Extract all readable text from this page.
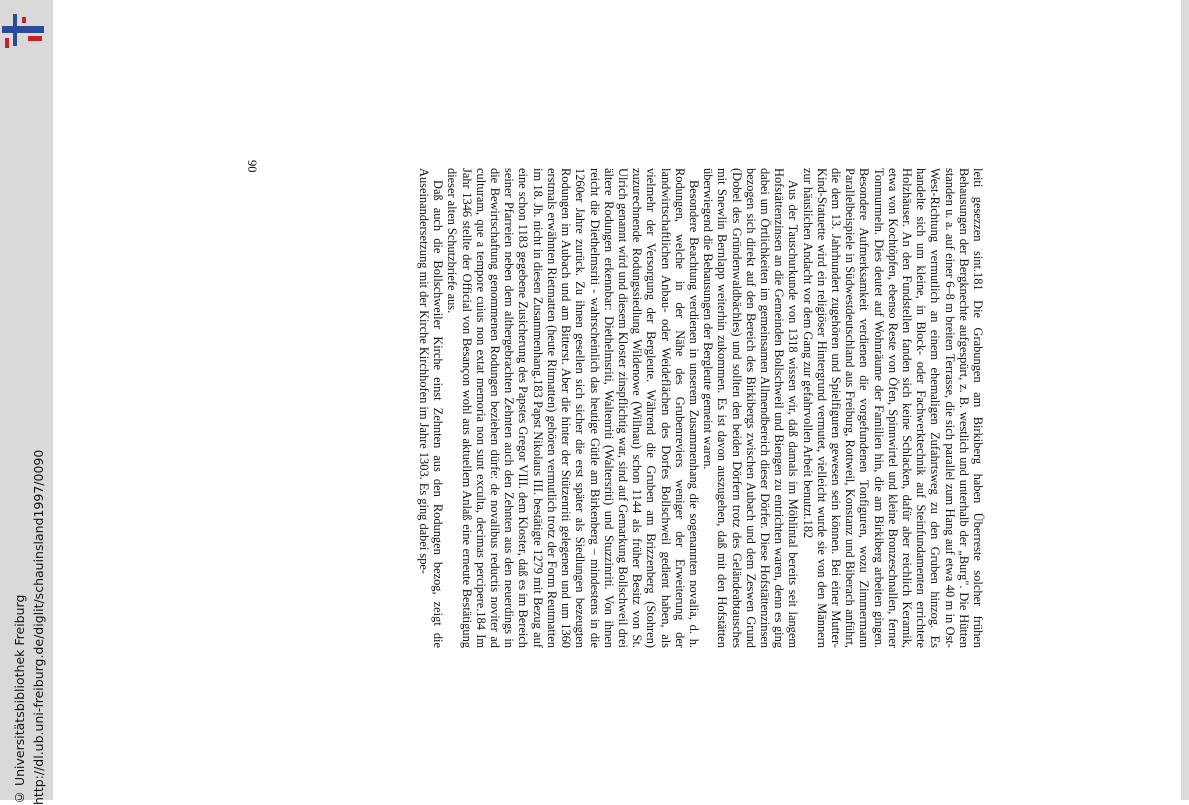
http://dl.ub.uni-freiburg.de/diglit/schauinsland1997/0090
© Universitätsbibliothek Freiburg

leiti gesezzen sint.181 Die Grabungen am Birkiberg haben Überreste solcher frühen Behausungen der Bergknechte aufgespürt, z. B. westlich und unterhalb der „Burg". Die Hütten standen u. a. auf einer 6–8 m breiten Terrasse, die sich parallel zum Hang auf etwa 40 m in Ost-West-Richtung vermutlich an einem ehemaligen Zufahrtsweg zu den Gruben hinzog. Es handelte sich um kleine, in Block- oder Fachwerktechnik auf Steinfundamenten errichtete Holzhäuser. An den Fundstellen fanden sich keine Schlacken, dafür aber reichlich Keramik, etwa von Kochtöpfen, ebenso Reste von Öfen, Spinnwirtel und kleine Bronzeschnallen, ferner Tonmurmeln. Dies deutet auf Wohnräume der Familien hin, die am Birkiberg arbeiten gingen. Besondere Aufmerksamkeit verdienen die vorgefundenen Tonfiguren, wozu Zimmermann Parallelbeispiele in Südwestdeutschland aus Freiburg, Rottweil, Konstanz und Biberach anführt, die dem 13. Jahrhundert zugehören und Spielfiguren gewesen sein können. Bei einer Mutter-Kind-Statuette wird ein religiöser Hintergrund vermutet, vielleicht wurde sie von den Männern zur häuslichen Andacht vor dem Gang zur gefahrvollen Arbeit benutzt.182

Aus der Tauschurkunde von 1318 wissen wir, daß damals im Möhlintal bereits seit langem Hofstättenzinsen an die Gemeinden Bollschweil und Biengen zu entrichten waren, denn es ging dabei um Örtlichkeiten im gemeinsamen Allmendbereich dieser Dörfer. Diese Hofstättenzinsen bezogen sich direkt auf den Bereich des Birkibergs zwischen Aubach und dem Zeswen Grund (Dobel des Gründenwaldbächles) und sollten den beiden Dörfern trotz des Geländeabtausches mit Snewlin Bernlapp weiterhin zukommen. Es ist davon auszugehen, daß mit den Hofstätten überwiegend die Behausungen der Bergleute gemeint waren.

Besondere Beachtung verdienen in unserem Zusammenhang die sogenannten novalia, d. h. Rodungen, welche in der Nähe des Grubenreviers weniger der Erweiterung der landwirtschaftlichen Anbau- oder Weideflächen des Dorfes Bollschweil gedient haben, als vielmehr der Versorgung der Bergleute. Während die Gruben am Brizzenberg (Stohren) zuzurechnende Rodungssiedlung Wildenowe (Willnau) schon 1144 als früher Besitz von St. Ulrich genannt wird und diesem Kloster zinspflichtig war, sind auf Gemarkung Bollschweil drei ältere Rodungen erkennbar: Diethelmsriti, Waltenriti (Waltersriti) und Stuzzinriti. Von ihnen reicht die Diethelmsriti - wahrscheinlich das heutige Gütle am Birkenberg – mindestens in die 1260er Jahre zurück. Zu ihnen gesellen sich sicher die erst später als Siedlungen bezeugten Rodungen im Aubach und am Bitterst. Aber die hinter der Stützenriti gelegenen und um 1360 erstmals erwähnten Rietmatten (heute Ritmatten) gehören vermutlich trotz der Form Reutmatten im 18. Jh. nicht in diesen Zusammenhang.183 Papst Nikolaus III. bestätigte 1279 mit Bezug auf eine schon 1183 gegebene Zusicherung des Papstes Gregor VIII. dem Kloster, daß es im Bereich seiner Pfarreien neben dem althergebrachten Zehnten auch den Zehnten aus den neuerdings in die Bewirtschaftung genommenen Rodungen beziehen dürfe: de novalibus reductis noviter ad culturam, que a tempore cuius non extat memoria non sunt exculta, decimas percipere.184 Im Jahr 1346 stellte der Official von Besançon wohl aus aktuellem Anlaß eine erneute Bestätigung dieser alten Schutzbriefe aus.

Daß auch die Bollschweiler Kirche einst Zehnten aus den Rodungen bezog, zeigt die Auseinandersetzung mit der Kirche Kirchhofen im Jahre 1303. Es ging dabei spe-

90
